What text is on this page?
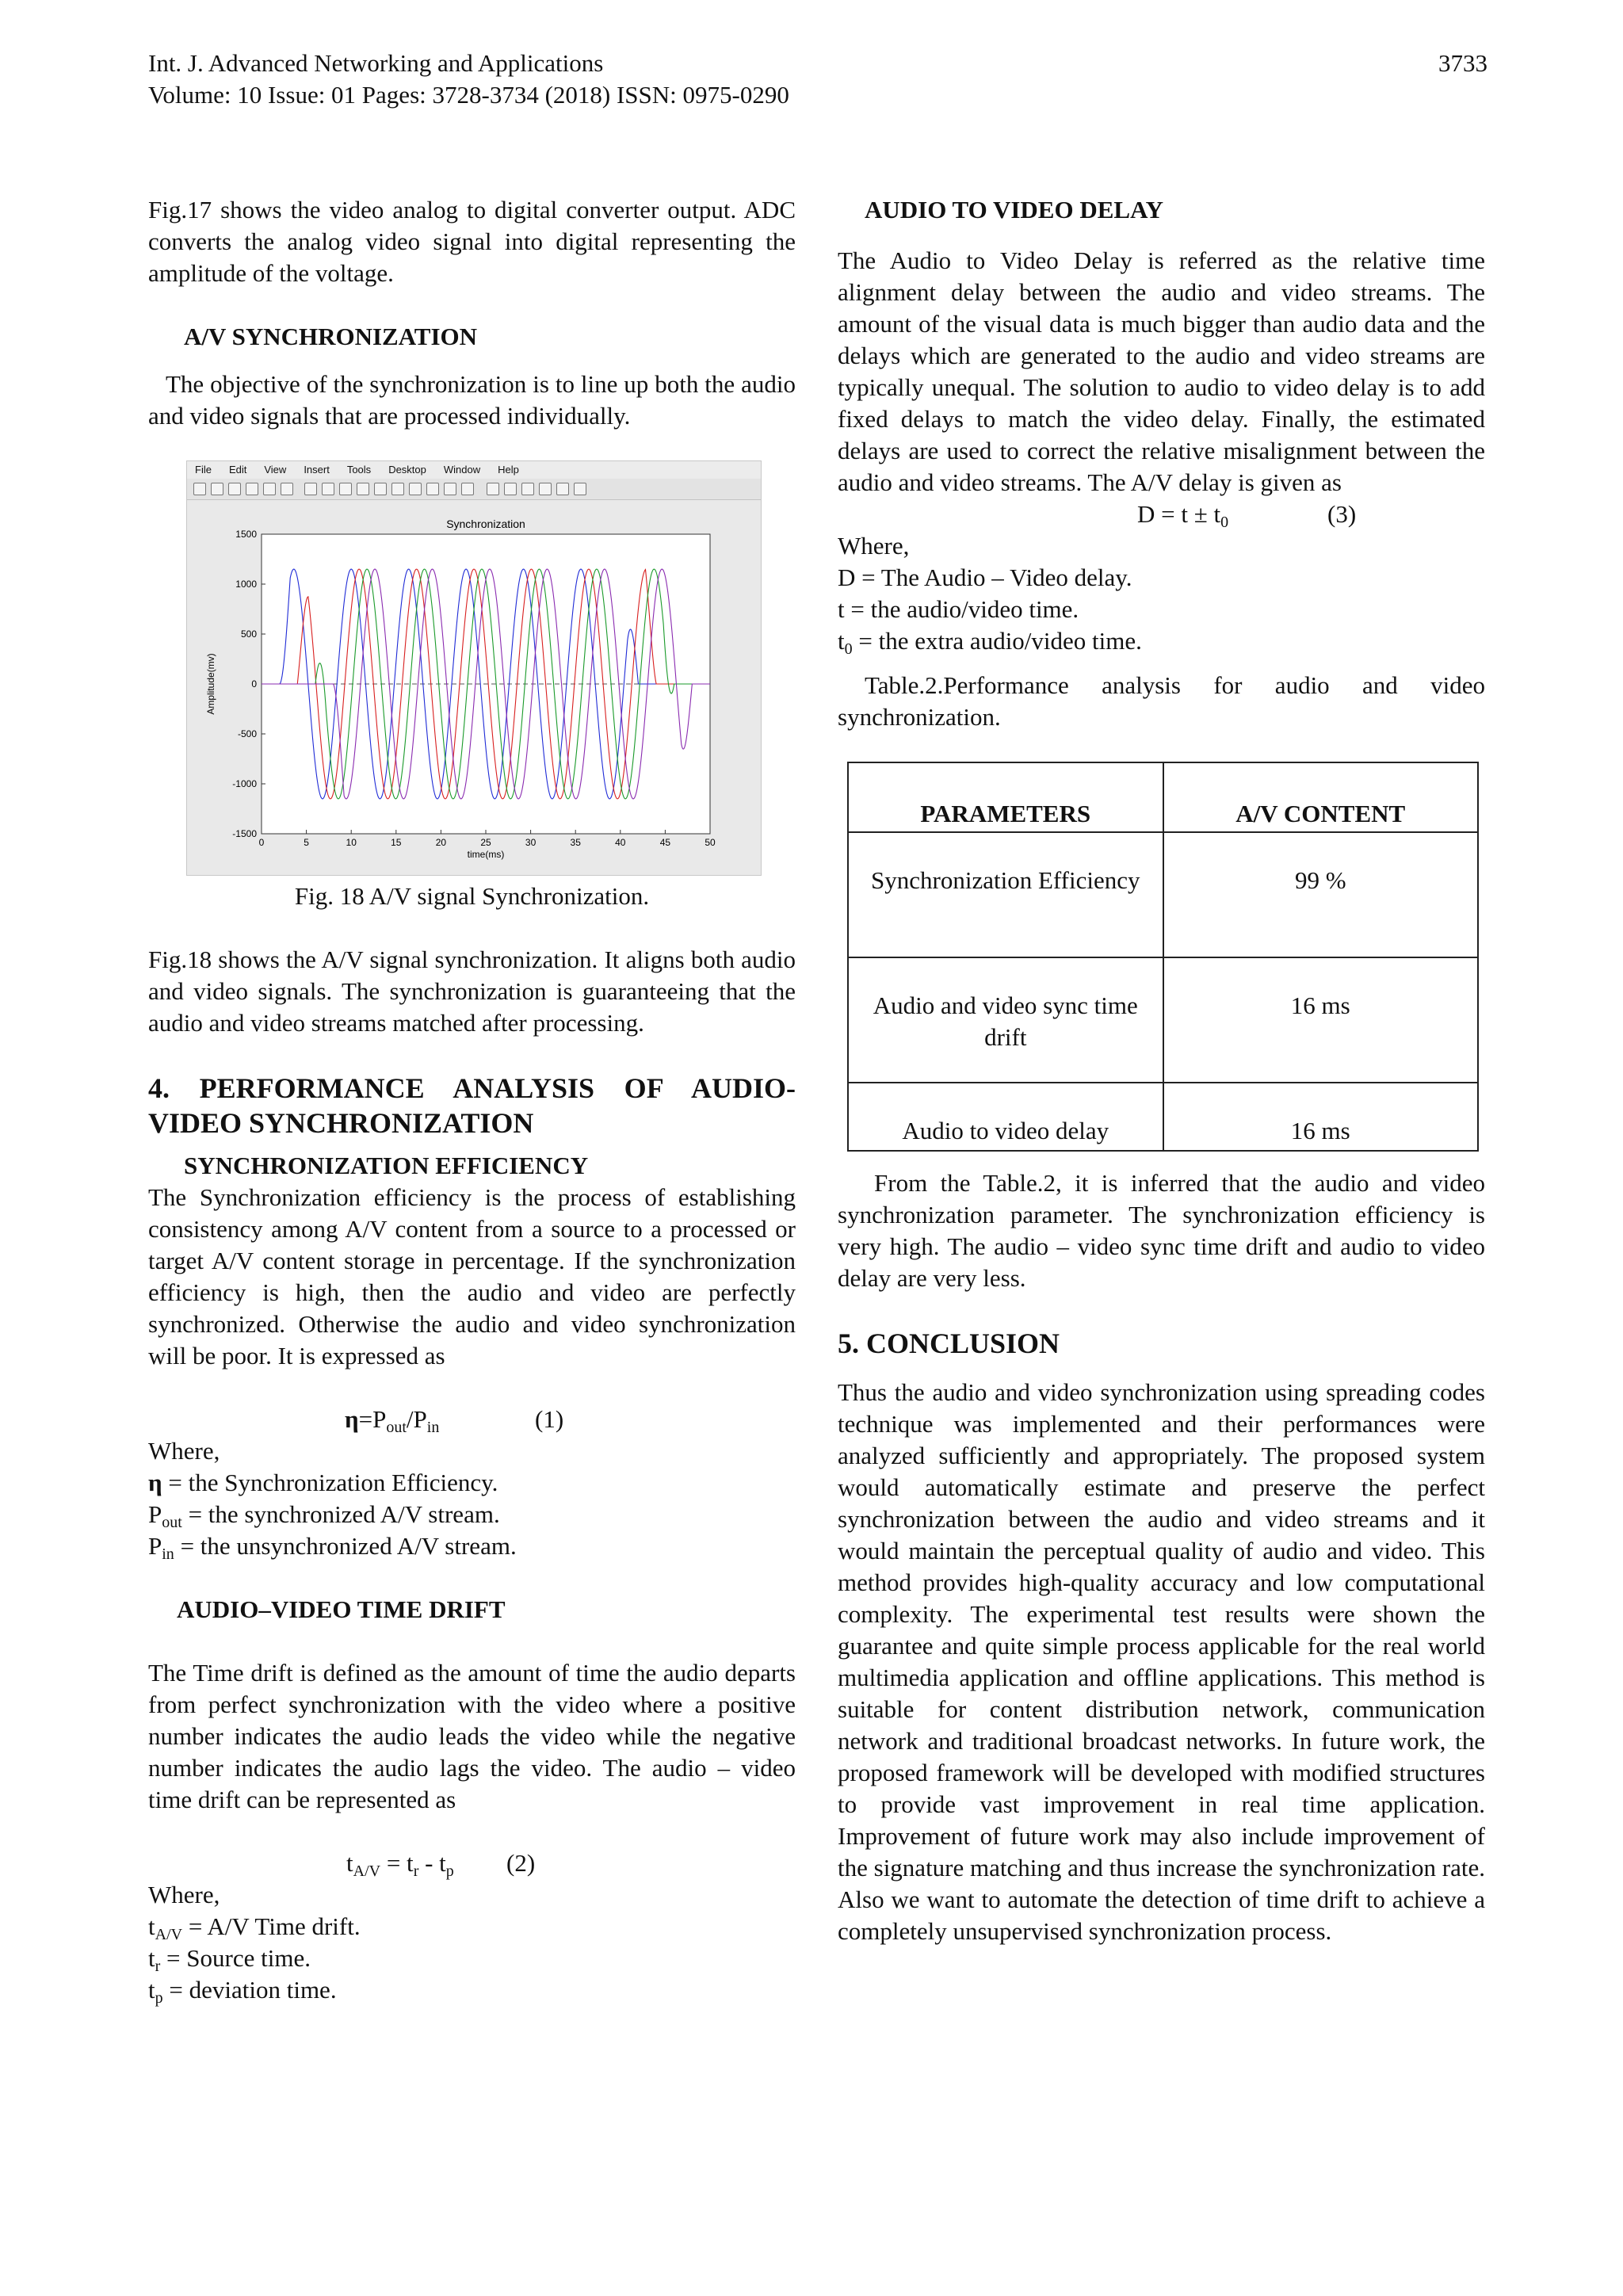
Int. J. Advanced Networking and Applications
Volume: 10 Issue: 01 Pages: 3728-3734 (2018) ISSN: 0975-0290
3733

Fig.17 shows the video analog to digital converter output. ADC converts the analog video signal into digital representing the amplitude of the voltage.

A/V SYNCHRONIZATION

The objective of the synchronization is to line up both the audio and video signals that are processed individually.

File Edit View Insert Tools Desktop Window Help
Synchronization
0	5	10	15	20	25	30	35	40	45	50
1500
1000
500
0
-500
-1000
-1500
time(ms)
Amplitude(mv)

Fig. 18 A/V signal Synchronization.

Fig.18 shows the A/V signal synchronization. It aligns both audio and video signals. The synchronization is guaranteeing that the audio and video streams matched after processing.

4. PERFORMANCE ANALYSIS OF AUDIO-VIDEO SYNCHRONIZATION

SYNCHRONIZATION EFFICIENCY

The Synchronization efficiency is the process of establishing consistency among A/V content from a source to a processed or target A/V content storage in percentage. If the synchronization efficiency is high, then the audio and video are perfectly synchronized. Otherwise the audio and video synchronization will be poor. It is expressed as

$\eta=P_{out}/P_{in}$	(1)

Where,

η = the Synchronization Efficiency.

$P_{out}$ = the synchronized A/V stream.

$P_{in}$ = the unsynchronized A/V stream.

AUDIO–VIDEO TIME DRIFT

The Time drift is defined as the amount of time the audio departs from perfect synchronization with the video where a positive number indicates the audio leads the video while the negative number indicates the audio lags the video. The audio – video time drift can be represented as

$t_{A/V} = t_r - t_p$ (2)

Where,

$t_{A/V} = A/V$ Time drift.

$t_r$ = Source time.

$t_p$ = deviation time.

AUDIO TO VIDEO DELAY

The Audio to Video Delay is referred as the relative time alignment delay between the audio and video streams. The amount of the visual data is much bigger than audio data and the delays which are generated to the audio and video streams are typically unequal. The solution to audio to video delay is to add fixed delays to match the video delay. Finally, the estimated delays are used to correct the relative misalignment between the audio and video streams. The A/V delay is given as

$D = t \pm t_0$	(3)

Where,

D = The Audio – Video delay.

t = the audio/video time.

$t_0$ = the extra audio/video time.

Table.2.Performance analysis for audio and video synchronization.

PARAMETERS	A/V CONTENT
Synchronization Efficiency	99 %
Audio and video sync time drift	16 ms
Audio to video delay	16 ms

From the Table.2, it is inferred that the audio and video synchronization parameter. The synchronization efficiency is very high. The audio – video sync time drift and audio to video delay are very less.

5. CONCLUSION

Thus the audio and video synchronization using spreading codes technique was implemented and their performances were analyzed sufficiently and appropriately. The proposed system would automatically estimate and preserve the perfect synchronization between the audio and video streams and it would maintain the perceptual quality of audio and video. This method provides high-quality accuracy and low computational complexity. The experimental test results were shown the guarantee and quite simple process applicable for the real world multimedia application and offline applications. This method is suitable for content distribution network, communication network and traditional broadcast networks. In future work, the proposed framework will be developed with modified structures to provide vast improvement in real time application. Improvement of future work may also include improvement of the signature matching and thus increase the synchronization rate. Also we want to automate the detection of time drift to achieve a completely unsupervised synchronization process.
